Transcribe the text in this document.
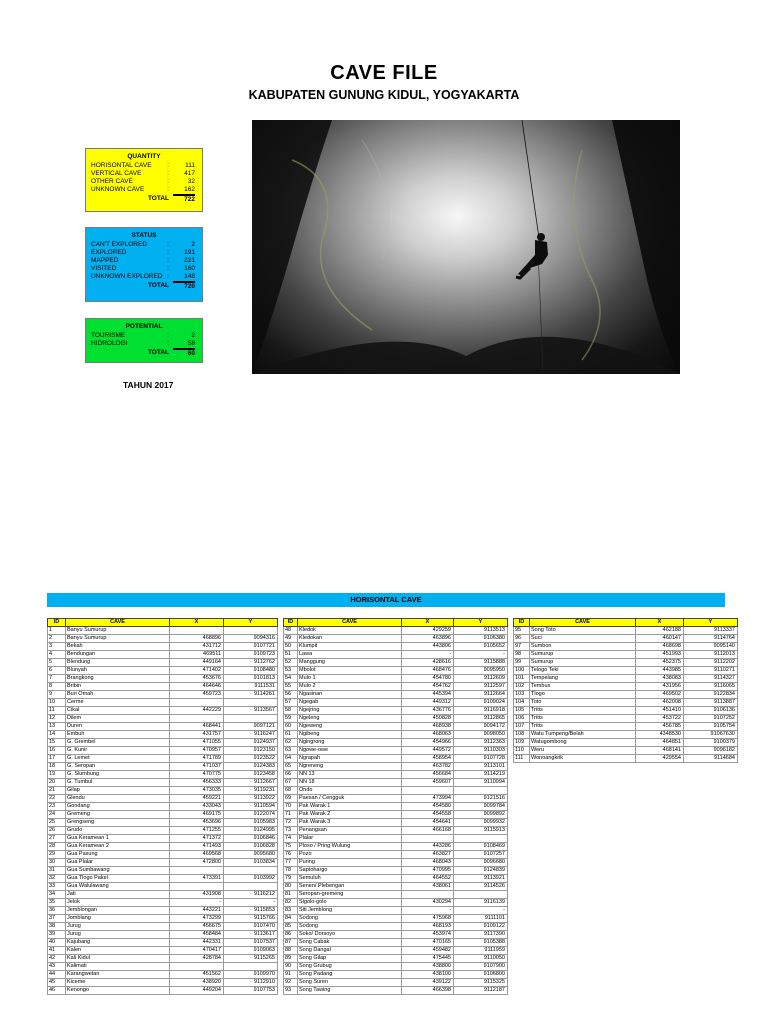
CAVE FILE
KABUPATEN GUNUNG KIDUL, YOGYAKARTA
QUANTITY
HORISONTAL CAVE	:	111
VERTICAL CAVE	:	417
OTHER CAVE	:	32
UNKNOWN CAVE	:	162
TOTAL	722
STATUS
CAN'T EXPLORED	:	2
EXPLORED	:	191
MAPPED	:	221
VISITED	:	160
UNKNOWN EXPLORED :	148
TOTAL	720
POTENTIAL
TOURISME	:	2
HIDROLOGI	:	58
TOTAL	60
TAHUN 2017
HORISONTAL CAVE
ID	CAVE	X	Y
1	Banyu Sumurup		
2	Banyu Sumurup	468896	9094316
3	Bekah	431712	9107721
4	Bendungan	469511	9109723
5	Blendung	449164	9112762
6	Blunyah	471402	9108480
7	Brangkong	453676	9101813
8	Bribin	464646	9111531
9	Buri Omah	459723	9114261
10	Cerme		
11	Cikal	442229	9113567
12	Dilem		
13	Duren	468441	9097121
14	Embuh	431757	9116247
15	G. Grembel	471055	9124937
16	G. Kunir	470957	9123150
17	G. Lemet	471789	9123522
18	G. Seropan	471037	9124383
19	G. Slumbung	470775	9123458
20	G. Tumbul	456333	9112667
21	Gilap	473035	9119231
22	Glendu	459221	9113922
23	Gondang	433043	9110594
24	Gremeng	469175	9122074
25	Grengseng	453696	9105983
26	Grudo	471255	9124995
27	Gua Keramean 1	471372	9106846
28	Gua Keramean 2	471493	9106828
29	Gua Pasung	469568	9095680
30	Gua Plalar	472800	9103834
31	Gua Sumbawang		
32	Gua Tlogo Pakel	473391	9103992
33	Gua Walulawang		
34	Jati	431908	9116212
35	Jelok	-	-
36	Jemblongan	443221	9115853
37	Jomblang	473299	9115766
38	Jurug	456675	9107470
39	Jurug	458484	9113617
40	Kajubang	442331	9107537
41	Kalen	470417	9109063
42	Kali Kidul	428784	9115265
43	Kalimati		
44	Karangwetan	451562	9109970
45	Kiceme	438920	9112910
46	Kenongo	449204	9107753
ID	CAVE	X	Y
48	Kledok	429259	9113513
49	Kledokan	463896	9106380
50	Klumpit	443806	9105652
51	Lawa	-	-
52	Manggung	428616	9115888
53	Mbolot	468476	9095950
54	Mulo 1	454780	9112609
55	Mulo 2	454762	9112597
56	Ngasinan	445394	9112664
57	Ngegab	449312	9109024
58	Ngejring	436776	9116918
59	Ngeleng	450828	9112865
60	Ngeweng	468938	9094172
61	Ngibeng	468063	9098050
62	Ngingrong	454966	9112363
63	Ngowe-owe	449572	9110303
64	Ngrapah	458954	9107728
65	Ngreneng	463782	9113101
66	NN 13	456684	9114219
67	NN 18	459607	9110994
68	Ondo		
69	Paesan / Cengguk	473994	9121516
70	Pak Warak 1	454580	9099784
71	Pak Warak 2	454558	9099892
72	Pak Warak 3	454641	9099932
73	Penangsan	466168	9115913
74	Plalar		
75	Ploso / Pring Wulung	443286	9108469
76	Pozo	463827	9107257
77	Puring	468043	9096680
78	Saptohargo	470995	9124839
79	Semuluh	464552	9113921
80	Senen/ Plebengan	438061	9114526
81	Seropan-gremeng		
82	Sigolo-golo	430294	9116139
83	Siti Jemblong	-	-
84	Sodong	475968	9111101
85	Sodong	468193	9109122
86	Soko/ Dorsoyo	453974	9117390
87	Song Cabak	470165	9105388
88	Song Dangal	459482	9111959
89	Song Gilap	475445	9110050
90	Song Grubug	438800	9107900
91	Song Padang	438100	9106800
92	Song Suren	439122	9115325
93	Song Tawing	466398	9112187
ID	CAVE	X	Y
95	Song Toto	462188	9113337
96	Suci	460147	9114764
97	Sumbon	468698	9095140
98	Sumurup	451993	9112013
99	Sumurup	452375	9112202
100	Telogo Teki	443985	9110271
101	Tempelang	438083	9114327
102	Tembus	431956	9116065
103	Tlogo	469502	9122834
104	Toto	462008	9113887
105	Tritis	451410	9106136
106	Tritis	453722	9107252
107	Tritis	456785	9105754
108	Watu Tumpeng/Belah	4348530	91067630
109	Watugombong	464851	9100379
110	Weru	468141	9096182
111	Wonoangkrik	429554	9114684
